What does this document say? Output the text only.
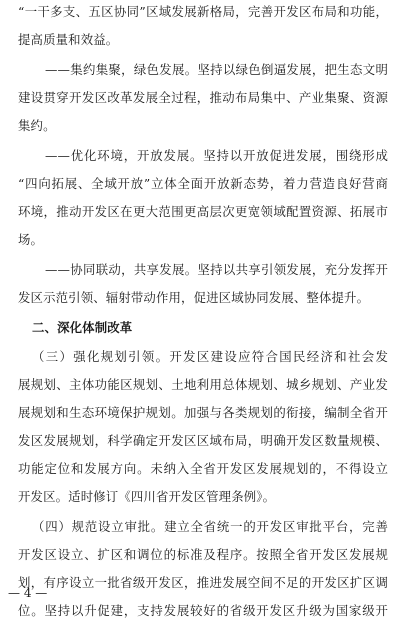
“一干多支、五区协同”区域发展新格局，完善开发区布局和功能，
提高质量和效益。
——集约集聚，绿色发展。坚持以绿色倒逼发展，把生态文明
建设贯穿开发区改革发展全过程，推动布局集中、产业集聚、资源
集约。
——优化环境，开放发展。坚持以开放促进发展，围绕形成
“四向拓展、全域开放”立体全面开放新态势，着力营造良好营商
环境，推动开发区在更大范围更高层次更宽领域配置资源、拓展市
场。
——协同联动，共享发展。坚持以共享引领发展，充分发挥开
发区示范引领、辐射带动作用，促进区域协同发展、整体提升。
二、深化体制改革
（三）强化规划引领。开发区建设应符合国民经济和社会发
展规划、主体功能区规划、土地利用总体规划、城乡规划、产业发
展规划和生态环境保护规划。加强与各类规划的衔接，编制全省开
发区发展规划，科学确定开发区区域布局，明确开发区数量规模、
功能定位和发展方向。未纳入全省开发区发展规划的，不得设立
开发区。适时修订《四川省开发区管理条例》。
（四）规范设立审批。建立全省统一的开发区审批平台，完善
开发区设立、扩区和调位的标准及程序。按照全省开发区发展规
划，有序设立一批省级开发区，推进发展空间不足的开发区扩区调
位。坚持以升促建，支持发展较好的省级开发区升级为国家级开
— 4 —
